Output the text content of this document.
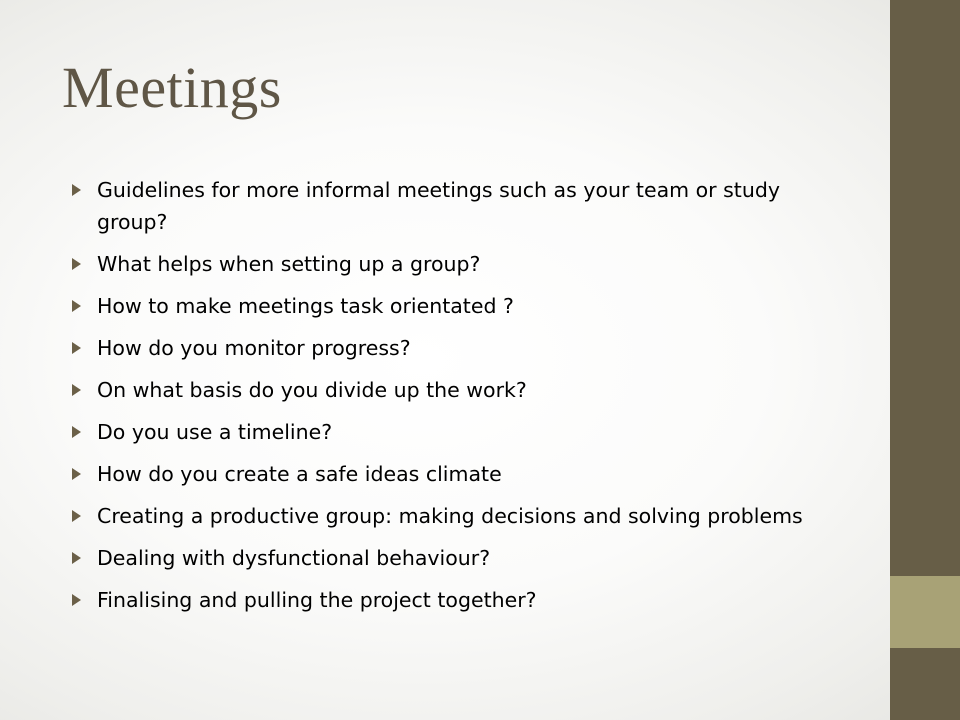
Meetings
Guidelines for more informal meetings such as your team or study group?
What helps when setting up a group?
How to make meetings task orientated ?
How do you monitor progress?
On what basis do you divide up the work?
Do you use a timeline?
How do you create a safe ideas climate
Creating a productive group: making decisions and solving problems
Dealing with dysfunctional behaviour?
Finalising and pulling the project together?
